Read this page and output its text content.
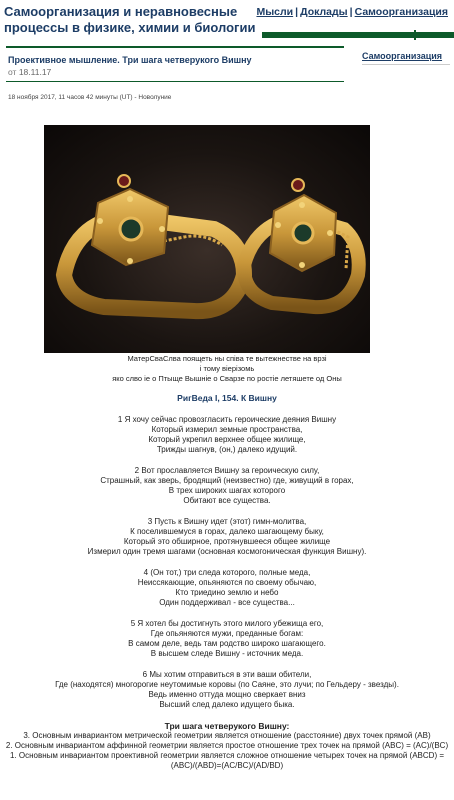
Самоорганизация и неравновесные процессы в физике, химии и биологии
Мысли | Доклады | Самоорганизация
Проективное мышление. Три шага четверукого Вишну
от 18.11.17
18 ноября 2017, 11 часов 42 минуты (UT) - Новолуние
Самоорганизация

МатерСваСлва поящеть ны співа те вытежнестве на врзі

і тому віерізомь

яко слво іе о Птыще Вышніе о Сварзе по ростіе летяшете од Оны

РигВеда I, 154. К Вишну

1 Я хочу сейчас провозгласить героические деяния Вишну

Который измерил земные пространства,

Который укрепил верхнее общее жилище,

Трижды шагнув, (он,) далеко идущий.

2 Вот прославляется Вишну за героическую силу,

Страшный, как зверь, бродящий (неизвестно) где, живущий в горах,

В трех широких шагах которого

Обитают все существа.

3 Пусть к Вишну идет (этот) гимн-молитва,

К поселившемуся в горах, далеко шагающему быку,

Который это обширное, протянувшееся общее жилище

Измерил один тремя шагами (основная космогоническая функция Вишну).

4 (Он тот,) три следа которого, полные меда,

Неиссякающие, опьяняются по своему обычаю,

Кто триедино землю и небо

Один поддерживал - все существа...

5 Я хотел бы достигнуть этого милого убежища его,

Где опьяняются мужи, преданные богам:

В самом деле, ведь там родство широко шагающего.

В высшем следе Вишну - источник меда.

6 Мы хотим отправиться в эти ваши обители,

Где (находятся) многорогие неутомимые коровы (по Саяне, это лучи; по Гельдеру - звезды).

Ведь именно оттуда мощно сверкает вниз

Высший след далеко идущего быка.

Три шага четверукого Вишну:

3. Основным инвариантом метрической геометрии является отношение (расстояние) двух точек прямой (AB)

2. Основным инвариантом аффинной геометрии является простое отношение трех точек на прямой (ABC) = (AC)/(BC)

1. Основным инвариантом проективной геометрии является сложное отношение четырех точек на прямой (ABCD) = (ABC)/(ABD)=(AC/BC)/(AD/BD)
